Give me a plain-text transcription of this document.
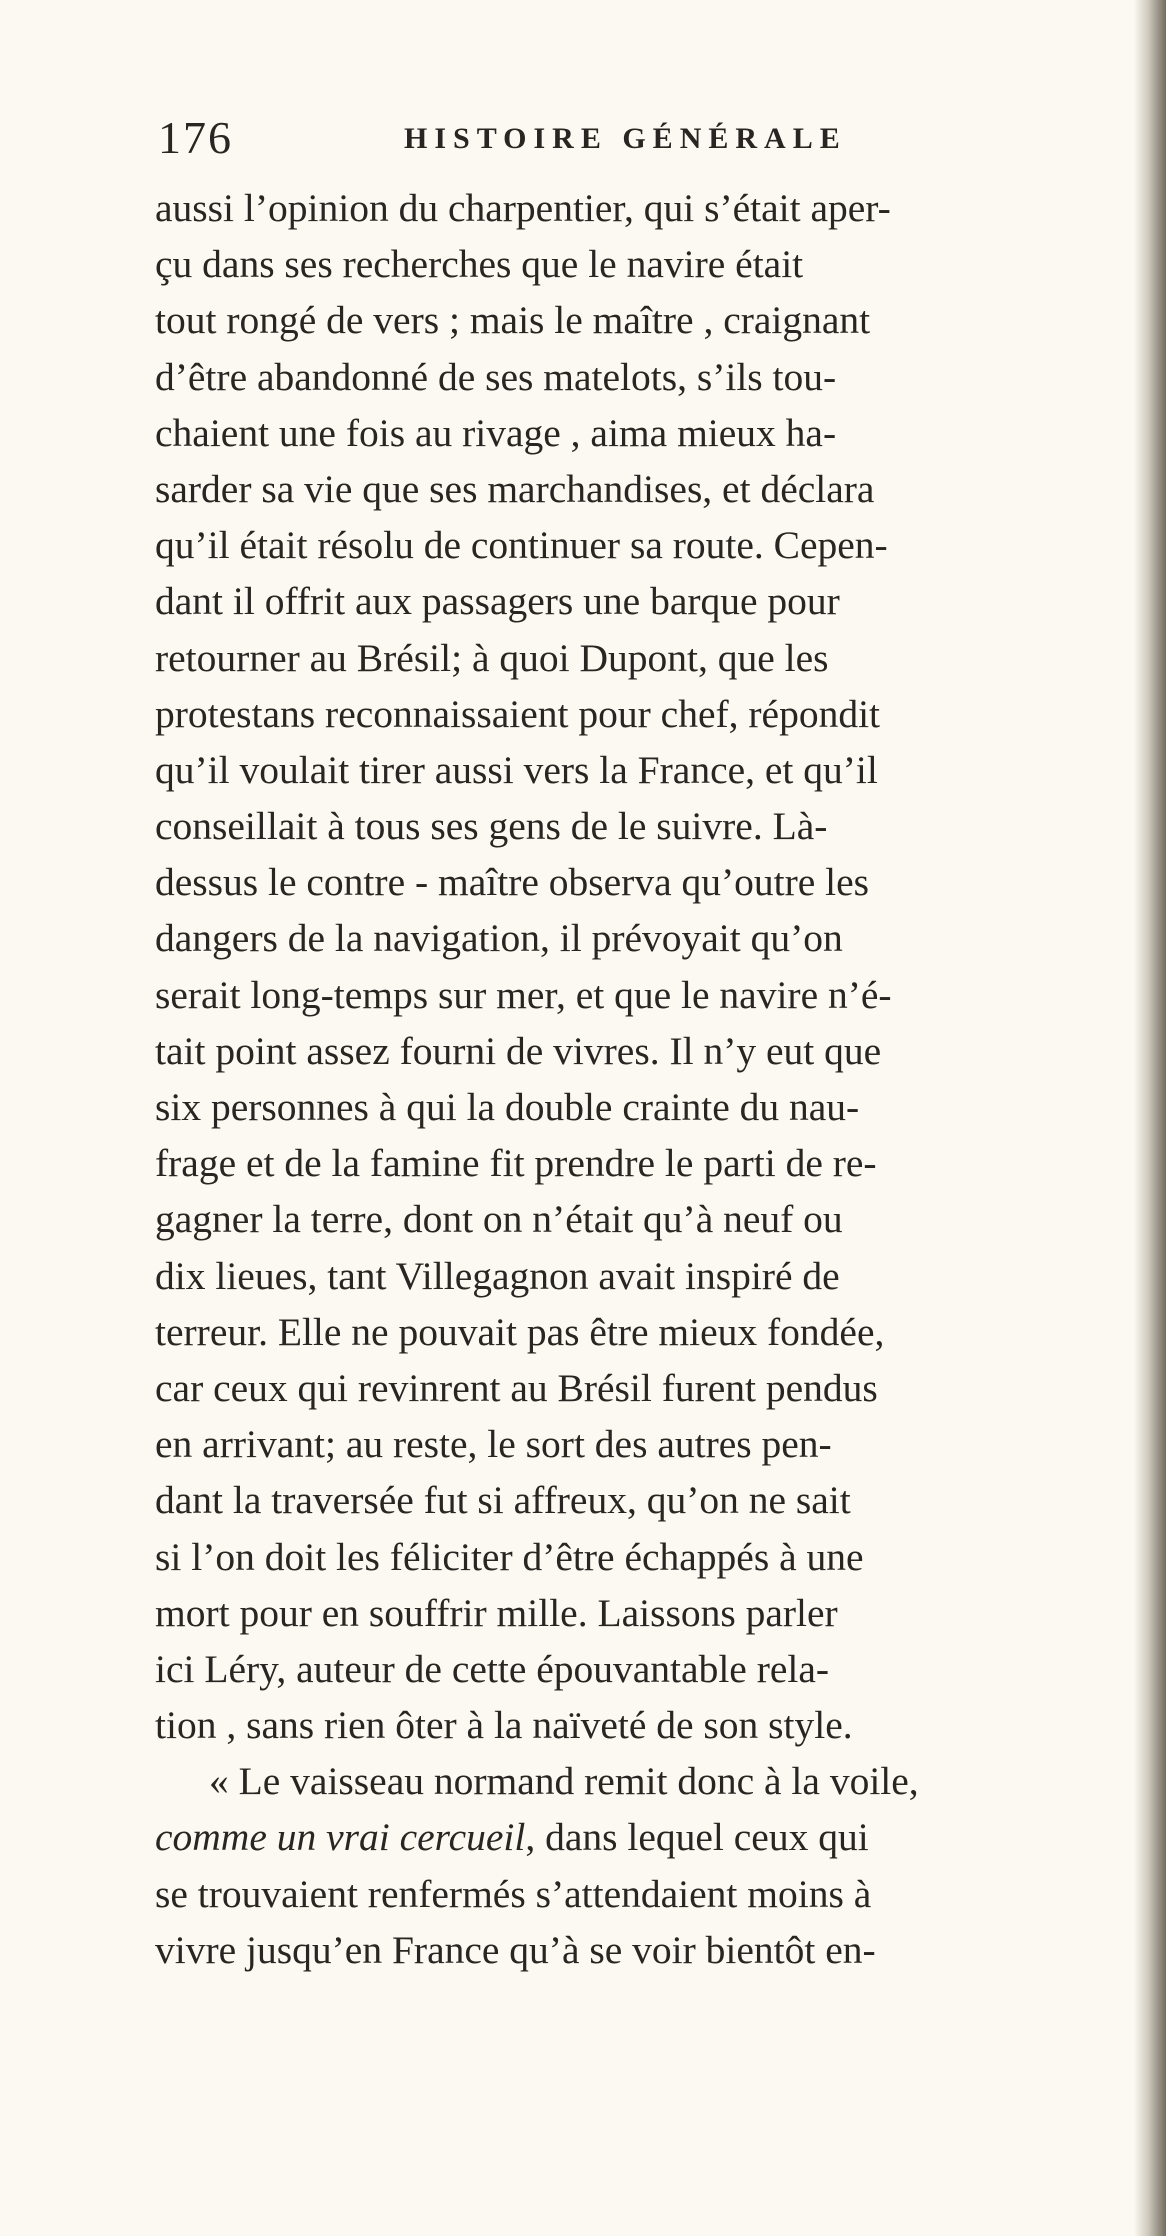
176	HISTOIRE GÉNÉRALE
aussi l’opinion du charpentier, qui s’était aper-
çu dans ses recherches que le navire était
tout rongé de vers ; mais le maître , craignant
d’être abandonné de ses matelots, s’ils tou-
chaient une fois au rivage , aima mieux ha-
sarder sa vie que ses marchandises, et déclara
qu’il était résolu de continuer sa route. Cepen-
dant il offrit aux passagers une barque pour
retourner au Brésil; à quoi Dupont, que les
protestans reconnaissaient pour chef, répondit
qu’il voulait tirer aussi vers la France, et qu’il
conseillait à tous ses gens de le suivre. Là-
dessus le contre - maître observa qu’outre les
dangers de la navigation, il prévoyait qu’on
serait long-temps sur mer, et que le navire n’é-
tait point assez fourni de vivres. Il n’y eut que
six personnes à qui la double crainte du nau-
frage et de la famine fit prendre le parti de re-
gagner la terre, dont on n’était qu’à neuf ou
dix lieues, tant Villegagnon avait inspiré de
terreur. Elle ne pouvait pas être mieux fondée,
car ceux qui revinrent au Brésil furent pendus
en arrivant; au reste, le sort des autres pen-
dant la traversée fut si affreux, qu’on ne sait
si l’on doit les féliciter d’être échappés à une
mort pour en souffrir mille. Laissons parler
ici Léry, auteur de cette épouvantable rela-
tion , sans rien ôter à la naïveté de son style.
« Le vaisseau normand remit donc à la voile,
comme un vrai cercueil, dans lequel ceux qui
se trouvaient renfermés s’attendaient moins à
vivre jusqu’en France qu’à se voir bientôt en-
